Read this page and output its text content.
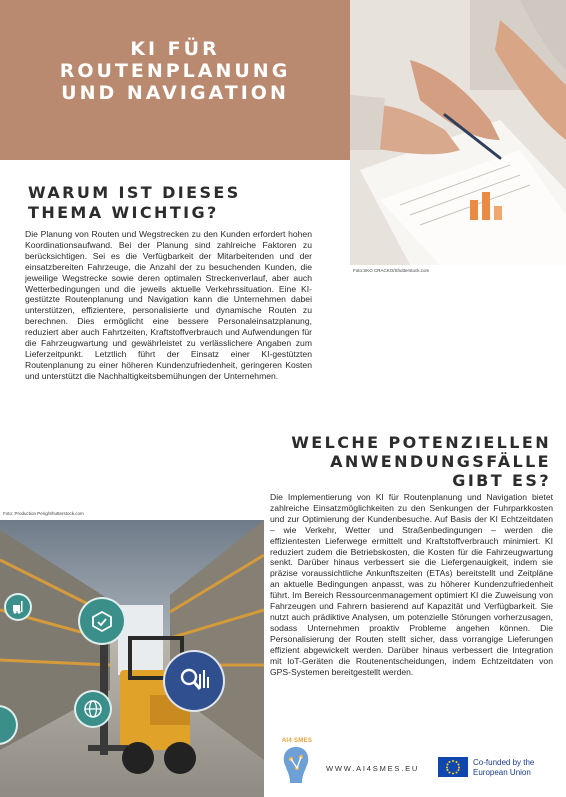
KI FÜR
ROUTENPLANUNG
UND NAVIGATION
Foto:SKO CRACKO/Shutterstock.com
WARUM IST DIESES
THEMA WICHTIG?

Die Planung von Routen und Wegstrecken zu den Kunden erfordert hohen Koordinationsaufwand. Bei der Planung sind zahlreiche Faktoren zu berücksichtigen. Sei es die Verfügbarkeit der Mitarbeitenden und der einsatzbereiten Fahrzeuge, die Anzahl der zu besuchenden Kunden, die jeweilige Wegstrecke sowie deren optimalen Streckenverlauf, aber auch Wetterbedingungen und die jeweils aktuelle Verkehrssituation. Eine KI-gestützte Routenplanung und Navigation kann die Unternehmen dabei unterstützen, effizientere, personalisierte und dynamische Routen zu berechnen. Dies ermöglicht eine bessere Personaleinsatzplanung, reduziert aber auch Fahrtzeiten, Kraftstoffverbrauch und Aufwendungen für die Fahrzeugwartung und gewährleistet zu verlässlichere Angaben zum Lieferzeitpunkt. Letztlich führt der Einsatz einer KI-gestützten Routenplanung zu einer höheren Kundenzufriedenheit, geringeren Kosten und unterstützt die Nachhaltigkeitsbemühungen der Unternehmen.

WELCHE POTENZIELLEN
ANWENDUNGSFÄLLE
GIBT ES?

Die Implementierung von KI für Routenplanung und Navigation bietet zahlreiche Einsatzmöglichkeiten zu den Senkungen der Fuhrparkkosten und zur Optimierung der Kundenbesuche. Auf Basis der KI Echtzeitdaten – wie Verkehr, Wetter und Straßenbedingungen – werden die effizientesten Lieferwege ermittelt und Kraftstoffverbrauch minimiert. KI reduziert zudem die Betriebskosten, die Kosten für die Fahrzeugwartung senkt. Darüber hinaus verbessert sie die Liefergenauigkeit, indem sie präzise voraussichtliche Ankunftszeiten (ETAs) bereitstellt und Zeitpläne an aktuelle Bedingungen anpasst, was zu höherer Kundenzufriedenheit führt. Im Bereich Ressourcenmanagement optimiert KI die Zuweisung von Fahrzeugen und Fahrern basierend auf Kapazität und Verfügbarkeit. Sie nutzt auch prädiktive Analysen, um potenzielle Störungen vorherzusagen, sodass Unternehmen proaktiv Probleme angehen können. Die Personalisierung der Routen stellt sicher, dass vorrangige Lieferungen effizient abgewickelt werden. Darüber hinaus verbessert die Integration mit IoT-Geräten die Routenentscheidungen, indem Echtzeitdaten von GPS-Systemen bereitgestellt werden.

Foto: Production Perig/Shutterstock.com
AI4 SMES
WWW.AI4SMES.EU
Co-funded by the
European Union
